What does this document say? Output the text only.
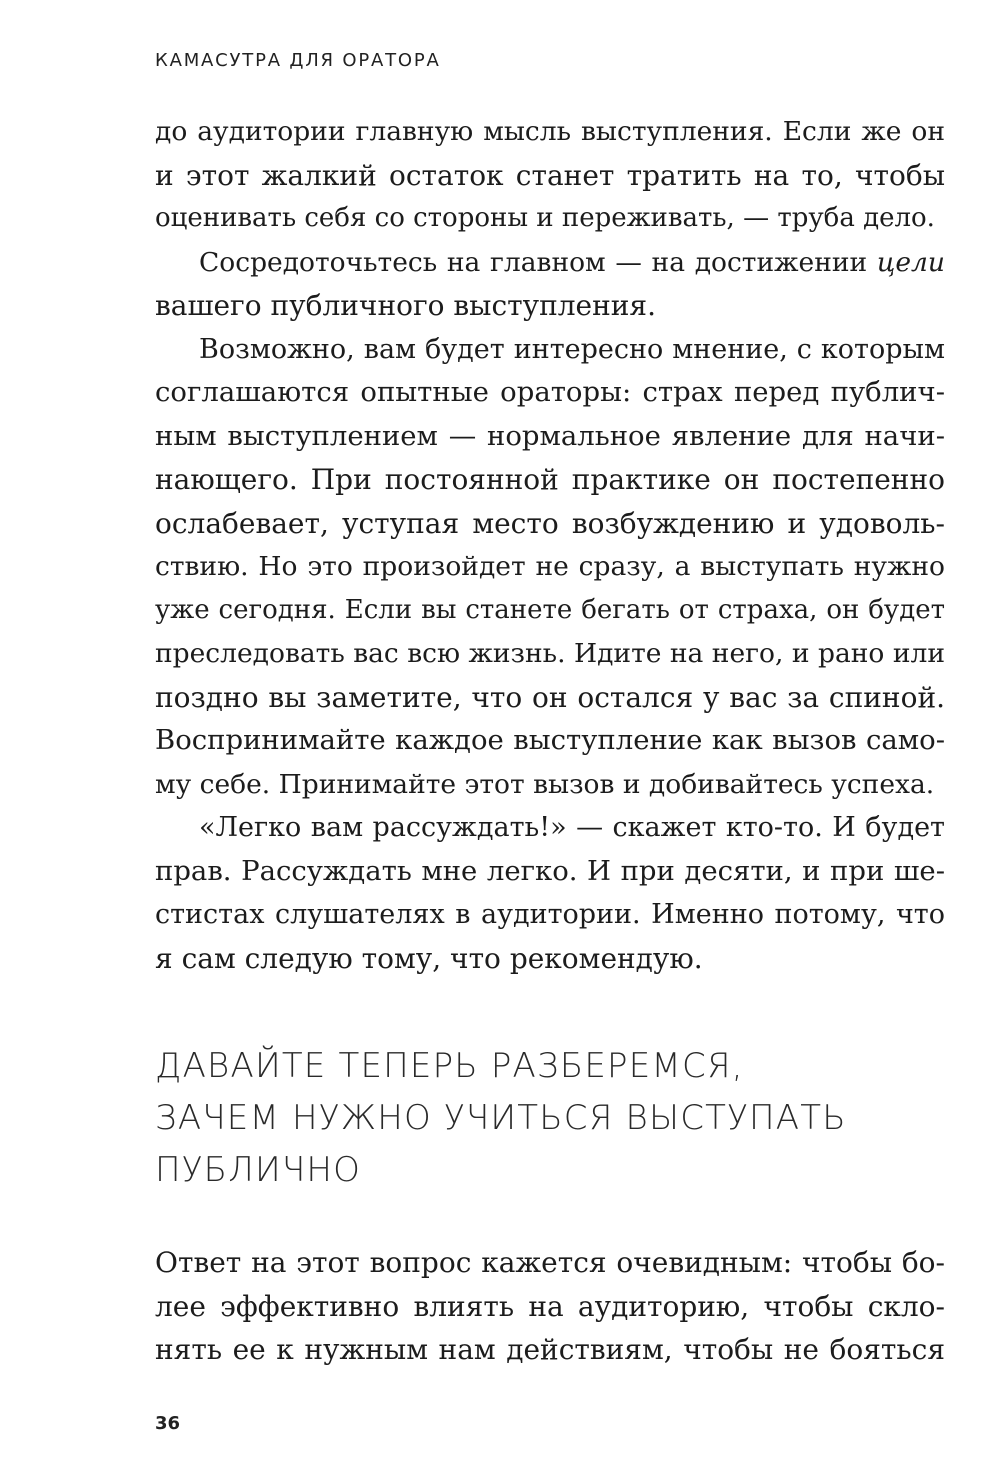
КАМАСУТРА ДЛЯ ОРАТОРА
до аудитории главную мысль выступления. Если же он
и этот жалкий остаток станет тратить на то, чтобы
оценивать себя со стороны и переживать, — труба дело.
Сосредоточьтесь на главном — на достижении цели
вашего публичного выступления.
Возможно, вам будет интересно мнение, с которым
соглашаются опытные ораторы: страх перед публич-
ным выступлением — нормальное явление для начи-
нающего. При постоянной практике он постепенно
ослабевает, уступая место возбуждению и удоволь-
ствию. Но это произойдет не сразу, а выступать нужно
уже сегодня. Если вы станете бегать от страха, он будет
преследовать вас всю жизнь. Идите на него, и рано или
поздно вы заметите, что он остался у вас за спиной.
Воспринимайте каждое выступление как вызов само-
му себе. Принимайте этот вызов и добивайтесь успеха.
«Легко вам рассуждать!» — скажет кто-то. И будет
прав. Рассуждать мне легко. И при десяти, и при ше-
стистах слушателях в аудитории. Именно потому, что
я сам следую тому, что рекомендую.
ДАВАЙТЕ ТЕПЕРЬ РАЗБЕРЕМСЯ,
ЗАЧЕМ НУЖНО УЧИТЬСЯ ВЫСТУПАТЬ
ПУБЛИЧНО
Ответ на этот вопрос кажется очевидным: чтобы бо-
лее эффективно влиять на аудиторию, чтобы скло-
нять ее к нужным нам действиям, чтобы не бояться
36
